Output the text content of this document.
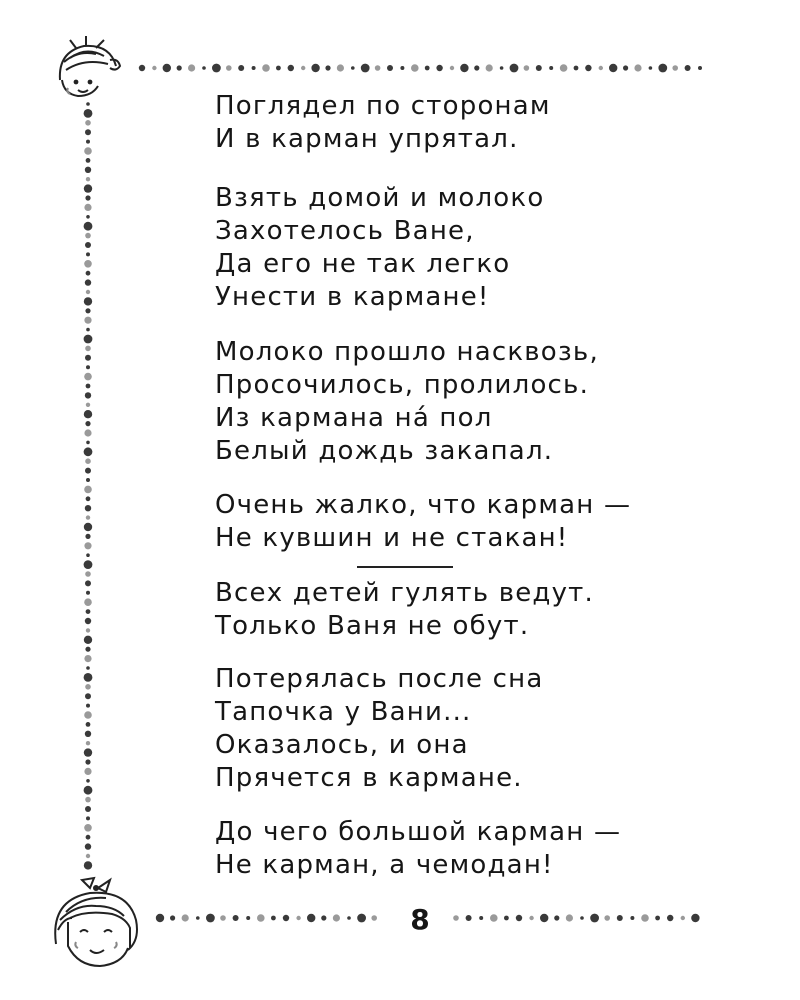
Поглядел по сторонам
И в карман упрятал.
Взять домой и молоко
Захотелось Ване,
Да его не так легко
Унести в кармане!
Молоко прошло насквозь,
Просочилось, пролилось.
Из кармана нá пол
Белый дождь закапал.
Очень жалко, что карман —
Не кувшин и не стакан!
Всех детей гулять ведут.
Только Ваня не обут.
Потерялась после сна
Тапочка у Вани...
Оказалось, и она
Прячется в кармане.
До чего большой карман —
Не карман, а чемодан!
8
